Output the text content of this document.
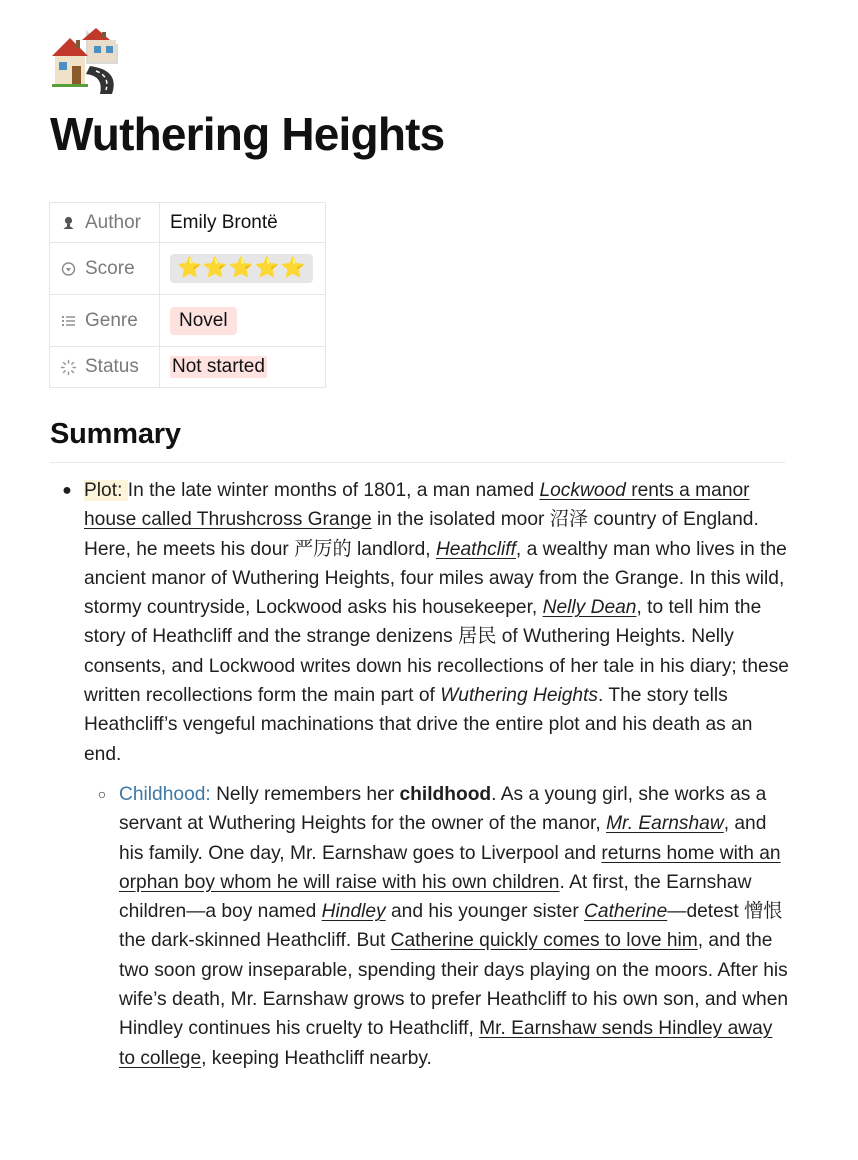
Wuthering Heights
Author	Emily Brontë

Score	⭐⭐⭐⭐⭐

Genre	Novel

Status	Not started
Summary
● Plot: In the late winter months of 1801, a man named Lockwood rents a manor house called Thrushcross Grange in the isolated moor 沼泽 country of England. Here, he meets his dour 严厉的 landlord, Heathcliff, a wealthy man who lives in the ancient manor of Wuthering Heights, four miles away from the Grange. In this wild, stormy countryside, Lockwood asks his housekeeper, Nelly Dean, to tell him the story of Heathcliff and the strange denizens 居民 of Wuthering Heights. Nelly consents, and Lockwood writes down his recollections of her tale in his diary; these written recollections form the main part of Wuthering Heights. The story tells Heathcliff’s vengeful machinations that drive the entire plot and his death as an end.
○ Childhood: Nelly remembers her childhood. As a young girl, she works as a servant at Wuthering Heights for the owner of the manor, Mr. Earnshaw, and his family. One day, Mr. Earnshaw goes to Liverpool and returns home with an orphan boy whom he will raise with his own children. At first, the Earnshaw children—a boy named Hindley and his younger sister Catherine—detest 憎恨 the dark-skinned Heathcliff. But Catherine quickly comes to love him, and the two soon grow inseparable, spending their days playing on the moors. After his wife’s death, Mr. Earnshaw grows to prefer Heathcliff to his own son, and when Hindley continues his cruelty to Heathcliff, Mr. Earnshaw sends Hindley away to college, keeping Heathcliff nearby.
